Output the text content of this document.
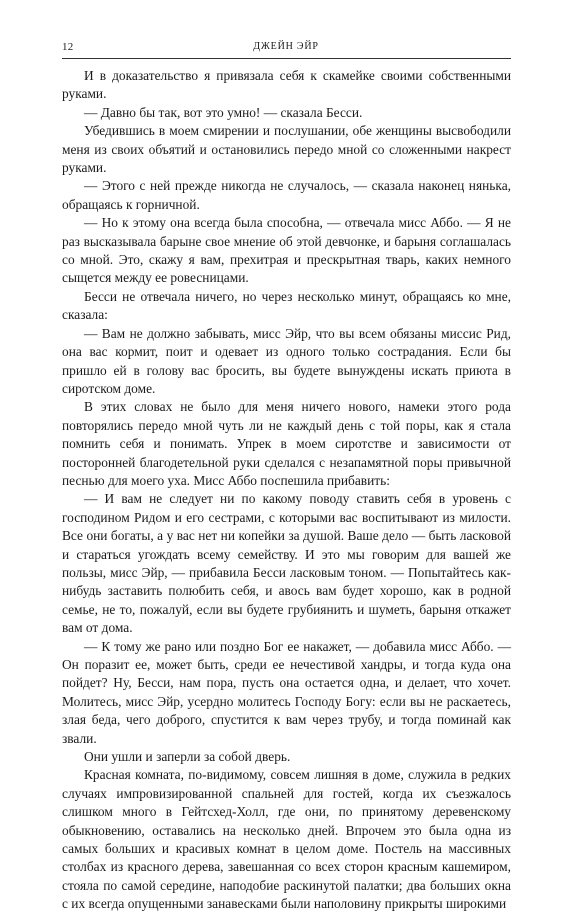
12	ДЖЕЙН ЭЙР

И в доказательство я привязала себя к скамейке своими собственными руками.

— Давно бы так, вот это умно! — сказала Бесси.

Убедившись в моем смирении и послушании, обе женщины высвободили меня из своих объятий и остановились передо мной со сложенными накрест руками.

— Этого с ней прежде никогда не случалось, — сказала наконец нянька, обращаясь к горничной.

— Но к этому она всегда была способна, — отвечала мисс Аббо. — Я не раз высказывала барыне свое мнение об этой девчонке, и барыня соглашалась со мной. Это, скажу я вам, прехитрая и прескрытная тварь, каких немного сыщется между ее ровесницами.

Бесси не отвечала ничего, но через несколько минут, обращаясь ко мне, сказала:

— Вам не должно забывать, мисс Эйр, что вы всем обязаны миссис Рид, она вас кормит, поит и одевает из одного только сострадания. Если бы пришло ей в голову вас бросить, вы будете вынуждены искать приюта в сиротском доме.

В этих словах не было для меня ничего нового, намеки этого рода повторялись передо мной чуть ли не каждый день с той поры, как я стала помнить себя и понимать. Упрек в моем сиротстве и зависимости от посторонней благодетельной руки сделался с незапамятной поры привычной песнью для моего уха. Мисс Аббо поспешила прибавить:

— И вам не следует ни по какому поводу ставить себя в уровень с господином Ридом и его сестрами, с которыми вас воспитывают из милости. Все они богаты, а у вас нет ни копейки за душой. Ваше дело — быть ласковой и стараться угождать всему семейству. И это мы говорим для вашей же пользы, мисс Эйр, — прибавила Бесси ласковым тоном. — Попытайтесь как-нибудь заставить полюбить себя, и авось вам будет хорошо, как в родной семье, не то, пожалуй, если вы будете грубиянить и шуметь, барыня откажет вам от дома.

— К тому же рано или поздно Бог ее накажет, — добавила мисс Аббо. — Он поразит ее, может быть, среди ее нечестивой хандры, и тогда куда она пойдет? Ну, Бесси, нам пора, пусть она остается одна, и делает, что хочет. Молитесь, мисс Эйр, усердно молитесь Господу Богу: если вы не раскаетесь, злая беда, чего доброго, спустится к вам через трубу, и тогда поминай как звали.

Они ушли и заперли за собой дверь.

Красная комната, по-видимому, совсем лишняя в доме, служила в редких случаях импровизированной спальней для гостей, когда их съезжалось слишком много в Гейтсхед-Холл, где они, по принятому деревенскому обыкновению, оставались на несколько дней. Впрочем это была одна из самых больших и красивых комнат в целом доме. Постель на массивных столбах из красного дерева, завешанная со всех сторон красным кашемиром, стояла по самой середине, наподобие раскинутой палатки; два больших окна с их всегда опущенными занавесками были наполовину прикрыты широкими
